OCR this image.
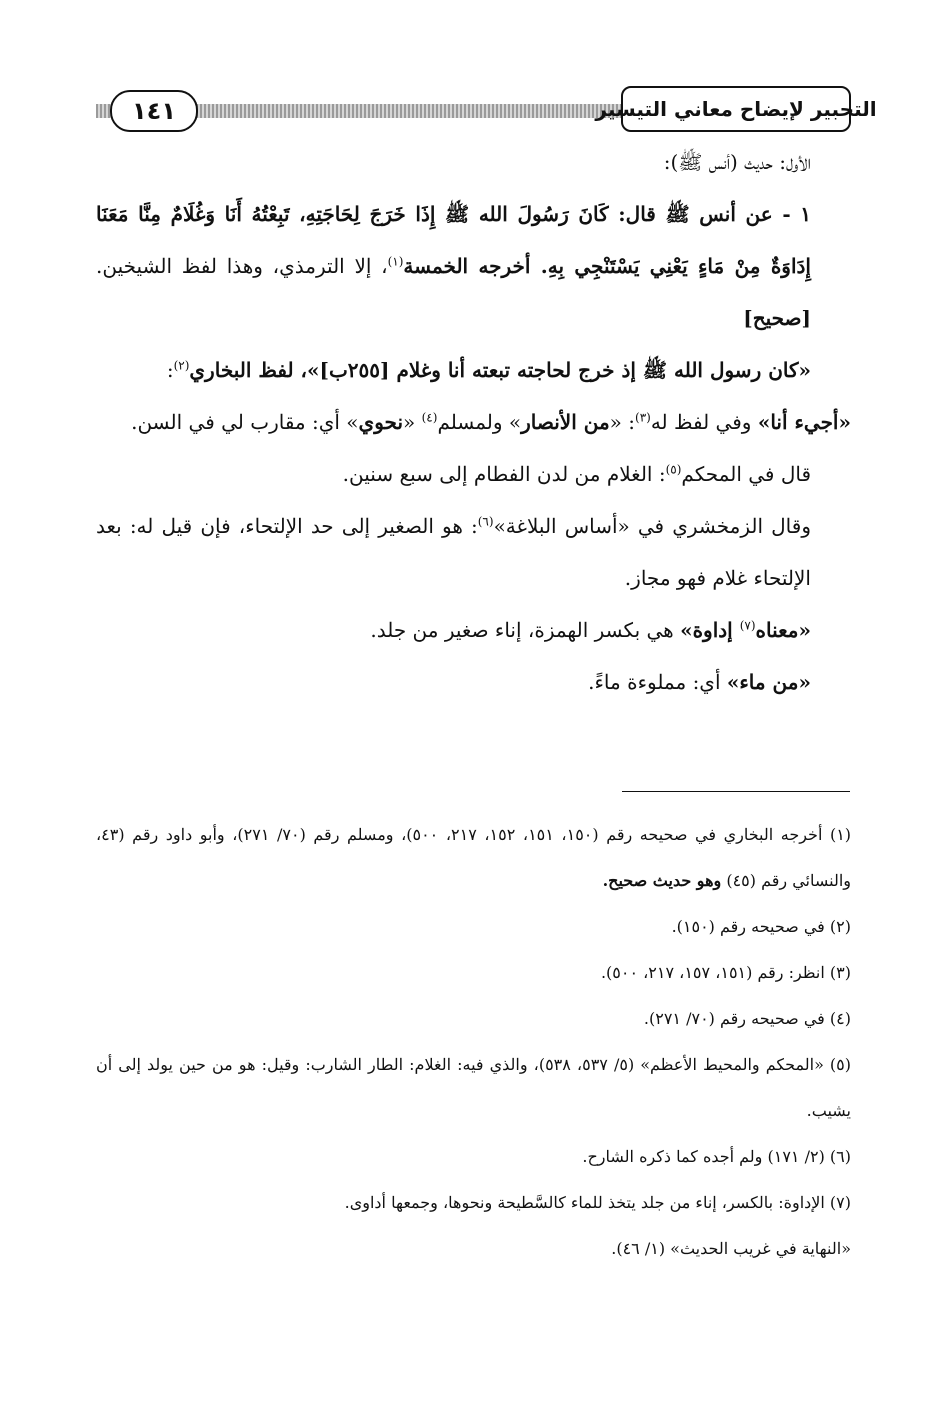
١٤١	التحبير لإيضاح معاني التيسير

الأول: حديث (أنس ﷺ):

١ - عن أنس ﷺ قال: كَانَ رَسُولَ الله ﷺ إِذَا خَرَجَ لِحَاجَتِهِ، تَبِعْتُهُ أَنَا وَغُلَامٌ مِنَّا مَعَنَا إِدَاوَةٌ مِنْ مَاءٍ يَعْنِي يَسْتَنْجِي بِهِ. أخرجه الخمسة$^{(١)}$، إلا الترمذي، وهذا لفظ الشيخين. [صحيح]

«كان رسول الله ﷺ إذ خرج لحاجته تبعته أنا وغلام [٢٥٥ب]»، لفظ البخاري$^{(٢)}$:

«أجيء أنا» وفي لفظ له$^{(٣)}$: «من الأنصار» ولمسلم$^{(٤)}$ «نحوي» أي: مقارب لي في السن.

قال في المحكم$^{(٥)}$: الغلام من لدن الفطام إلى سبع سنين.

وقال الزمخشري في «أساس البلاغة»$^{(٦)}$: هو الصغير إلى حد الإلتحاء، فإن قيل له: بعد الإلتحاء غلام فهو مجاز.

«معناه$^{(٧)}$ إداوة» هي بكسر الهمزة، إناء صغير من جلد.

«من ماء» أي: مملوءة ماءً.

(١) أخرجه البخاري في صحيحه رقم (١٥٠، ١٥١، ١٥٢، ٢١٧، ٥٠٠)، ومسلم رقم (٧٠/ ٢٧١)، وأبو داود رقم (٤٣، والنسائي رقم (٤٥) وهو حديث صحيح.

(٢) في صحيحه رقم (١٥٠).

(٣) انظر: رقم (١٥١، ١٥٧، ٢١٧، ٥٠٠).

(٤) في صحيحه رقم (٧٠/ ٢٧١).

(٥) «المحكم والمحيط الأعظم» (٥/ ٥٣٧، ٥٣٨)، والذي فيه: الغلام: الطار الشارب: وقيل: هو من حين يولد إلى أن يشيب.

(٦) (٢/ ١٧١) ولم أجده كما ذكره الشارح.

(٧) الإداوة: بالكسر، إناء من جلد يتخذ للماء كالسَّطيحة ونحوها، وجمعها أداوى.

«النهاية في غريب الحديث» (١/ ٤٦).
